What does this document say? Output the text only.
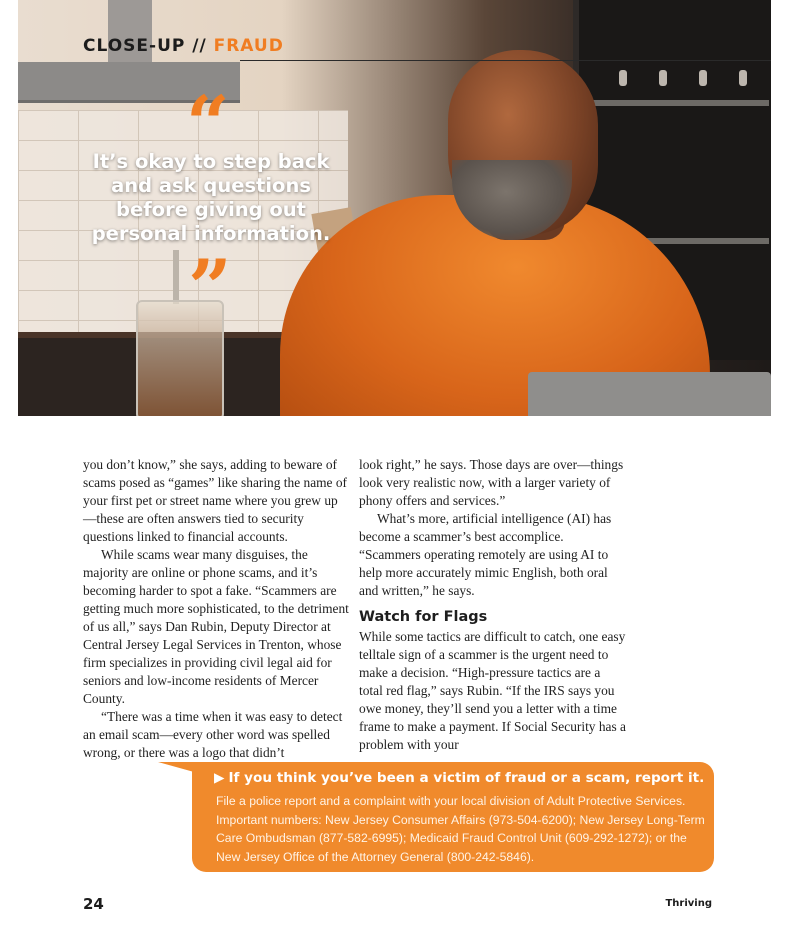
CLOSE-UP // FRAUD
“
It’s okay to step back and ask questions before giving out personal information.
”

you don’t know,” she says, adding to beware of scams posed as “games” like sharing the name of your first pet or street name where you grew up—these are often answers tied to security questions linked to financial accounts.

While scams wear many disguises, the majority are online or phone scams, and it’s becoming harder to spot a fake. “Scammers are getting much more sophisticated, to the detriment of us all,” says Dan Rubin, Deputy Director at Central Jersey Legal Services in Trenton, whose firm specializes in providing civil legal aid for seniors and low-income residents of Mercer County.

“There was a time when it was easy to detect an email scam—every other word was spelled wrong, or there was a logo that didn’t

look right,” he says. Those days are over—things look very realistic now, with a larger variety of phony offers and services.”

What’s more, artificial intelligence (AI) has become a scammer’s best accomplice. “Scammers operating remotely are using AI to help more accurately mimic English, both oral and written,” he says.

Watch for Flags

While some tactics are difficult to catch, one easy telltale sign of a scammer is the urgent need to make a decision. “High-pressure tactics are a total red flag,” says Rubin. “If the IRS says you owe money, they’ll send you a letter with a time frame to make a payment. If Social Security has a problem with your

▶ If you think you’ve been a victim of fraud or a scam, report it.
File a police report and a complaint with your local division of Adult Protective Services. Important numbers: New Jersey Consumer Affairs (973-504-6200); New Jersey Long-Term Care Ombudsman (877-582-6995); Medicaid Fraud Control Unit (609-292-1272); or the New Jersey Office of the Attorney General (800-242-5846).
24	Thriving
